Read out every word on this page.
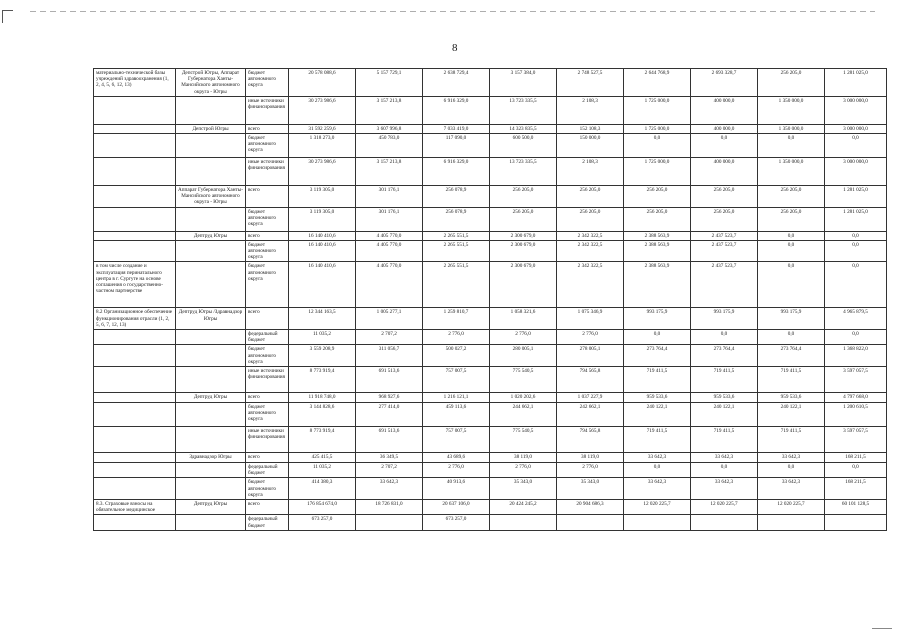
8
материально-технической базы учреждений здравоохранения (1, 2, 4, 5, 6, 12, 13)	Депстрой Югры, Аппарат Губернатора Ханты-Мансийского автономного округа - Югры	бюджет автономного округа	20 578 088,6	5 157 729,1	2 638 729,4	3 157 384,0	2 748 527,5	2 644 768,9	2 693 328,7	256 205,0	1 281 025,0
		иные источники финансирования	30 273 986,6	3 157 213,8	6 916 329,0	13 723 335,5	2 108,3	1 725 000,0	400 000,0	1 350 000,0	3 000 000,0
	Депстрой Югры	всего	31 592 259,6	3 607 996,8	7 033 419,0	14 323 835,5	152 108,3	1 725 000,0	400 000,0	1 350 000,0	3 000 000,0
		бюджет автономного округа	1 318 273,0	450 783,0	117 090,0	600 500,0	150 000,0	0,0	0,0	0,0	0,0
		иные источники финансирования	30 273 986,6	3 157 213,8	6 916 329,0	13 723 335,5	2 108,3	1 725 000,0	400 000,0	1 350 000,0	3 000 000,0
	Аппарат Губернатора Ханты-Мансийского автономного округа - Югры	всего	3 119 305,0	301 176,1	256 078,9	256 205,0	256 205,0	256 205,0	256 205,0	256 205,0	1 281 025,0
		бюджет автономного округа	3 119 305,0	301 176,1	256 078,9	256 205,0	256 205,0	256 205,0	256 205,0	256 205,0	1 281 025,0
	Дептруд Югры	всего	16 140 410,6	4 405 770,0	2 265 551,5	2 300 679,0	2 342 322,5	2 388 563,9	2 437 523,7	0,0	0,0
		бюджет автономного округа	16 140 410,6	4 405 770,0	2 265 551,5	2 300 679,0	2 342 322,5	2 388 563,9	2 437 523,7	0,0	0,0
в том числе создание и эксплуатация перинатального центра в г. Сургуте на основе соглашения о государственно-частном партнерстве		бюджет автономного округа	16 140 410,6	4 405 770,0	2 265 551,5	2 300 679,0	2 342 322,5	2 388 563,9	2 437 523,7	0,0	0,0
8.2 Организационное обеспечение функционирования отрасли (1, 2, 5, 6, 7, 12, 13)	Дептруд Югры /Здравнадзор Югры	всего	12 344 163,5	1 005 277,1	1 259 810,7	1 058 321,6	1 075 346,9	993 175,9	993 175,9	993 175,9	4 965 879,5
		федеральный бюджет	11 035,2	2 707,2	2 776,0	2 776,0	2 776,0	0,0	0,0	0,0	0,0
		бюджет автономного округа	3 559 208,9	311 056,7	500 027,2	280 005,1	278 005,1	273 764,4	273 764,4	273 764,4	1 368 822,0
		иные источники финансирования	8 773 919,4	691 513,6	757 007,5	775 540,5	794 565,8	719 411,5	719 411,5	719 411,5	3 597 057,5
	Дептруд Югры	всего	11 918 748,0	968 927,6	1 216 121,1	1 020 202,6	1 037 227,9	959 533,6	959 533,6	959 533,6	4 797 668,0
		бюджет автономного округа	3 144 828,6	277 414,0	459 113,6	244 662,1	242 662,1	240 122,1	240 122,1	240 122,1	1 200 610,5
		иные источники финансирования	8 773 919,4	691 513,6	757 007,5	775 540,5	794 565,8	719 411,5	719 411,5	719 411,5	3 597 057,5
	Здравнадзор Югры	всего	425 415,5	36 349,5	43 689,6	38 119,0	38 119,0	33 642,3	33 642,3	33 642,3	168 211,5
		федеральный бюджет	11 035,2	2 707,2	2 776,0	2 776,0	2 776,0	0,0	0,0	0,0	0,0
		бюджет автономного округа	414 380,3	33 642,3	40 913,6	35 343,0	35 343,0	33 642,3	33 642,3	33 642,3	168 211,5
8.3. Страховые взносы на обязательное медицинское	Дептруд Югры	всего	176 854 674,0	18 726 831,0	20 637 106,0	20 424 245,2	20 904 686,3	12 020 225,7	12 020 225,7	12 020 225,7	60 101 128,5
		федеральный бюджет	673 257,0		673 257,0						
